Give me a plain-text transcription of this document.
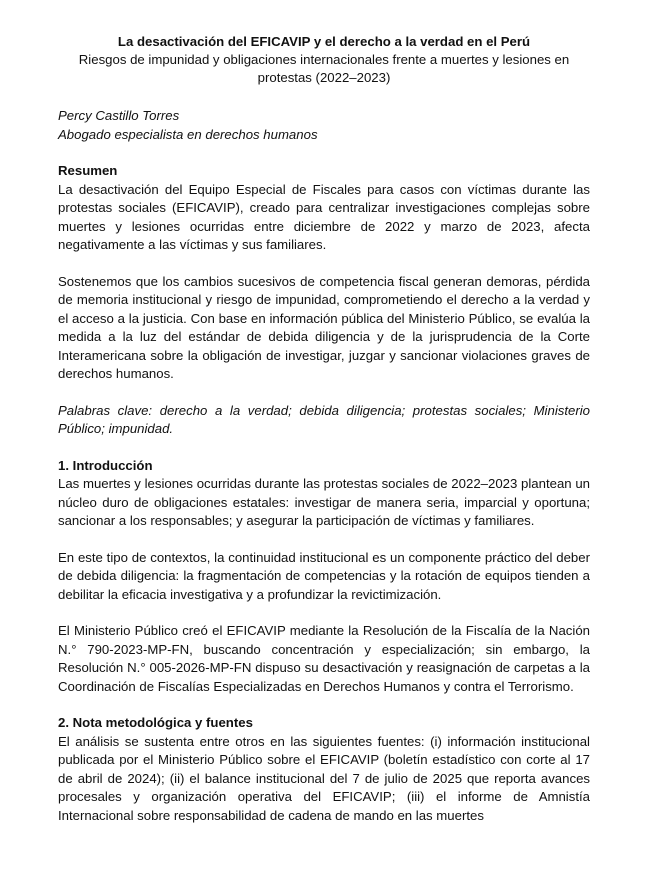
La desactivación del EFICAVIP y el derecho a la verdad en el Perú
Riesgos de impunidad y obligaciones internacionales frente a muertes y lesiones en protestas (2022–2023)
Percy Castillo Torres
Abogado especialista en derechos humanos
Resumen

La desactivación del Equipo Especial de Fiscales para casos con víctimas durante las protestas sociales (EFICAVIP), creado para centralizar investigaciones complejas sobre muertes y lesiones ocurridas entre diciembre de 2022 y marzo de 2023, afecta negativamente a las víctimas y sus familiares.

Sostenemos que los cambios sucesivos de competencia fiscal generan demoras, pérdida de memoria institucional y riesgo de impunidad, comprometiendo el derecho a la verdad y el acceso a la justicia. Con base en información pública del Ministerio Público, se evalúa la medida a la luz del estándar de debida diligencia y de la jurisprudencia de la Corte Interamericana sobre la obligación de investigar, juzgar y sancionar violaciones graves de derechos humanos.

Palabras clave: derecho a la verdad; debida diligencia; protestas sociales; Ministerio Público; impunidad.

1. Introducción

Las muertes y lesiones ocurridas durante las protestas sociales de 2022–2023 plantean un núcleo duro de obligaciones estatales: investigar de manera seria, imparcial y oportuna; sancionar a los responsables; y asegurar la participación de víctimas y familiares.

En este tipo de contextos, la continuidad institucional es un componente práctico del deber de debida diligencia: la fragmentación de competencias y la rotación de equipos tienden a debilitar la eficacia investigativa y a profundizar la revictimización.

El Ministerio Público creó el EFICAVIP mediante la Resolución de la Fiscalía de la Nación N.° 790-2023-MP-FN, buscando concentración y especialización; sin embargo, la Resolución N.° 005-2026-MP-FN dispuso su desactivación y reasignación de carpetas a la Coordinación de Fiscalías Especializadas en Derechos Humanos y contra el Terrorismo.

2. Nota metodológica y fuentes

El análisis se sustenta entre otros en las siguientes fuentes: (i) información institucional publicada por el Ministerio Público sobre el EFICAVIP (boletín estadístico con corte al 17 de abril de 2024); (ii) el balance institucional del 7 de julio de 2025 que reporta avances procesales y organización operativa del EFICAVIP; (iii) el informe de Amnistía Internacional sobre responsabilidad de cadena de mando en las muertes
